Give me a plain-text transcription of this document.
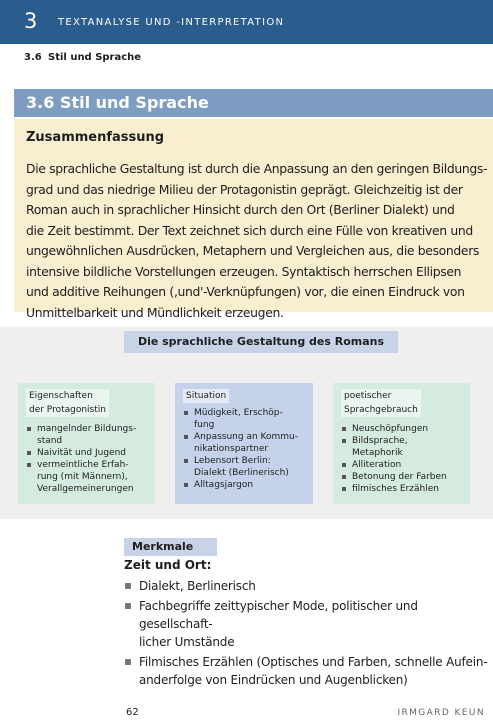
3 TEXTANALYSE UND -INTERPRETATION
3.6 Stil und Sprache
3.6 Stil und Sprache
Zusammenfassung
Die sprachliche Gestaltung ist durch die Anpassung an den geringen Bildungs-
grad und das niedrige Milieu der Protagonistin geprägt. Gleichzeitig ist der
Roman auch in sprachlicher Hinsicht durch den Ort (Berliner Dialekt) und
die Zeit bestimmt. Der Text zeichnet sich durch eine Fülle von kreativen und
ungewöhnlichen Ausdrücken, Metaphern und Vergleichen aus, die besonders
intensive bildliche Vorstellungen erzeugen. Syntaktisch herrschen Ellipsen
und additive Reihungen (‚und'-Verknüpfungen) vor, die einen Eindruck von
Unmittelbarkeit und Mündlichkeit erzeugen.
Die sprachliche Gestaltung des Romans
Eigenschaften
der Protagonistin
mangelnder Bildungs-
stand
Naivität und Jugend
vermeintliche Erfah-
rung (mit Männern),
Verallgemeinerungen
Situation
Müdigkeit, Erschöp-
fung
Anpassung an Kommu-
nikationspartner
Lebensort Berlin:
Dialekt (Berlinerisch)
Alltagsjargon
poetischer
Sprachgebrauch
Neuschöpfungen
Bildsprache,
Metaphorik
Alliteration
Betonung der Farben
filmisches Erzählen
Merkmale
Zeit und Ort:
Dialekt, Berlinerisch
Fachbegriffe zeittypischer Mode, politischer und gesellschaft-
licher Umstände
Filmisches Erzählen (Optisches und Farben, schnelle Aufein-
anderfolge von Eindrücken und Augenblicken)
62	IRMGARD KEUN
